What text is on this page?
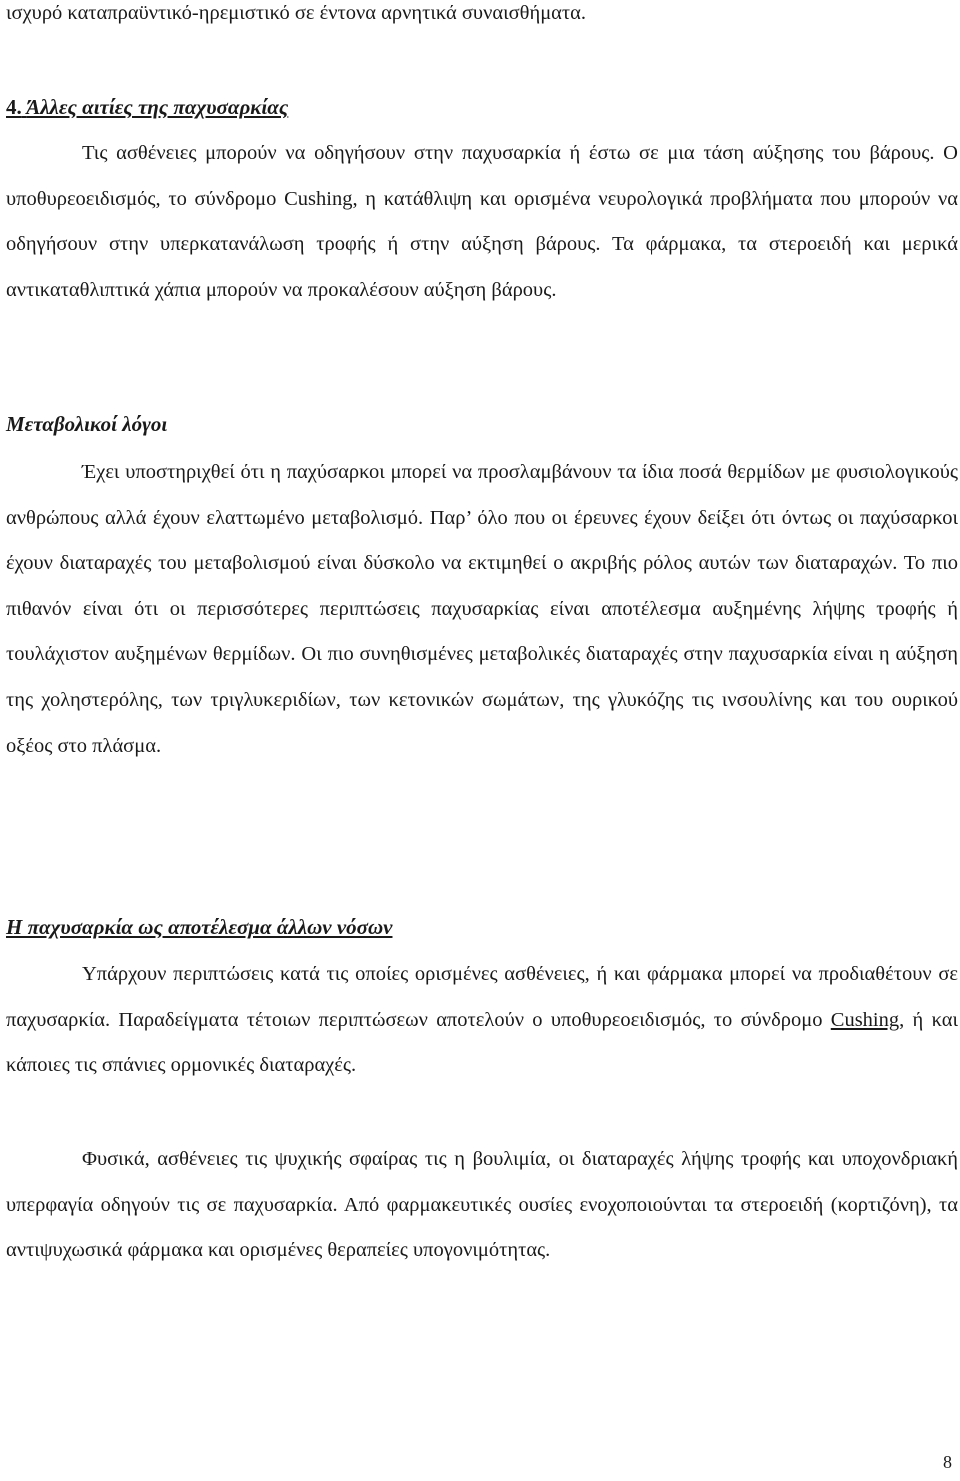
ισχυρό καταπραϋντικό-ηρεμιστικό σε έντονα αρνητικά συναισθήματα.

4. Άλλες αιτίες της παχυσαρκίας

Τις ασθένειες μπορούν να οδηγήσουν στην παχυσαρκία ή έστω σε μια τάση αύξησης του βάρους. Ο υποθυρεοειδισμός, το σύνδρομο Cushing, η κατάθλιψη και ορισμένα νευρολογικά προβλήματα που μπορούν να οδηγήσουν στην υπερκατανάλωση τροφής ή στην αύξηση βάρους. Τα φάρμακα, τα στεροειδή και μερικά αντικαταθλιπτικά χάπια μπορούν να προκαλέσουν αύξηση βάρους.

Μεταβολικοί λόγοι

Έχει υποστηριχθεί ότι η παχύσαρκοι μπορεί να προσλαμβάνουν τα ίδια ποσά θερμίδων με φυσιολογικούς ανθρώπους αλλά έχουν ελαττωμένο μεταβολισμό. Παρ’ όλο που οι έρευνες έχουν δείξει ότι όντως οι παχύσαρκοι έχουν διαταραχές του μεταβολισμού είναι δύσκολο να εκτιμηθεί ο ακριβής ρόλος αυτών των διαταραχών. Το πιο πιθανόν είναι ότι οι περισσότερες περιπτώσεις παχυσαρκίας είναι αποτέλεσμα αυξημένης λήψης τροφής ή τουλάχιστον αυξημένων θερμίδων. Οι πιο συνηθισμένες μεταβολικές διαταραχές στην παχυσαρκία είναι η αύξηση της χοληστερόλης, των τριγλυκεριδίων, των κετονικών σωμάτων, της γλυκόζης τις ινσουλίνης και του ουρικού οξέος στο πλάσμα.

Η παχυσαρκία ως αποτέλεσμα άλλων νόσων

Υπάρχουν περιπτώσεις κατά τις οποίες ορισμένες ασθένειες, ή και φάρμακα μπορεί να προδιαθέτουν σε παχυσαρκία. Παραδείγματα τέτοιων περιπτώσεων αποτελούν ο υποθυρεοειδισμός, το σύνδρομο Cushing, ή και κάποιες τις σπάνιες ορμονικές διαταραχές.

Φυσικά, ασθένειες τις ψυχικής σφαίρας τις η βουλιμία, οι διαταραχές λήψης τροφής και υποχονδριακή υπερφαγία οδηγούν τις σε παχυσαρκία. Από φαρμακευτικές ουσίες ενοχοποιούνται τα στεροειδή (κορτιζόνη), τα αντιψυχωσικά φάρμακα και ορισμένες θεραπείες υπογονιμότητας.

8
